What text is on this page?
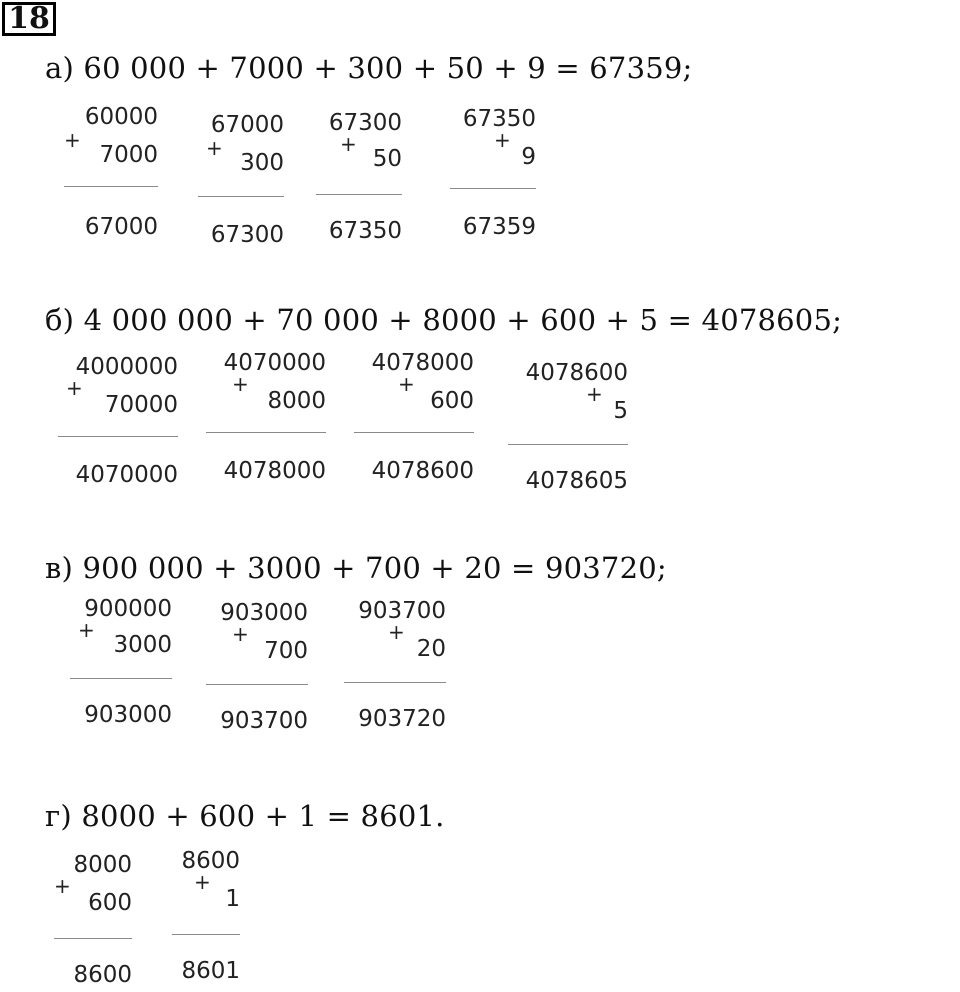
18
а) 60 000 + 7000 + 300 + 50 + 9 = 67359;
60000
+
7000
67000
67000
+
300
67300
67300
+
50
67350
67350
+
9
67359
б) 4 000 000 + 70 000 + 8000 + 600 + 5 = 4078605;
4000000
+
70000
4070000
4070000
+
8000
4078000
4078000
+
600
4078600
4078600
+
5
4078605
в) 900 000 + 3000 + 700 + 20 = 903720;
900000
+
3000
903000
903000
+
700
903700
903700
+
20
903720
г) 8000 + 600 + 1 = 8601.
8000
+
600
8600
8600
+
1
8601
